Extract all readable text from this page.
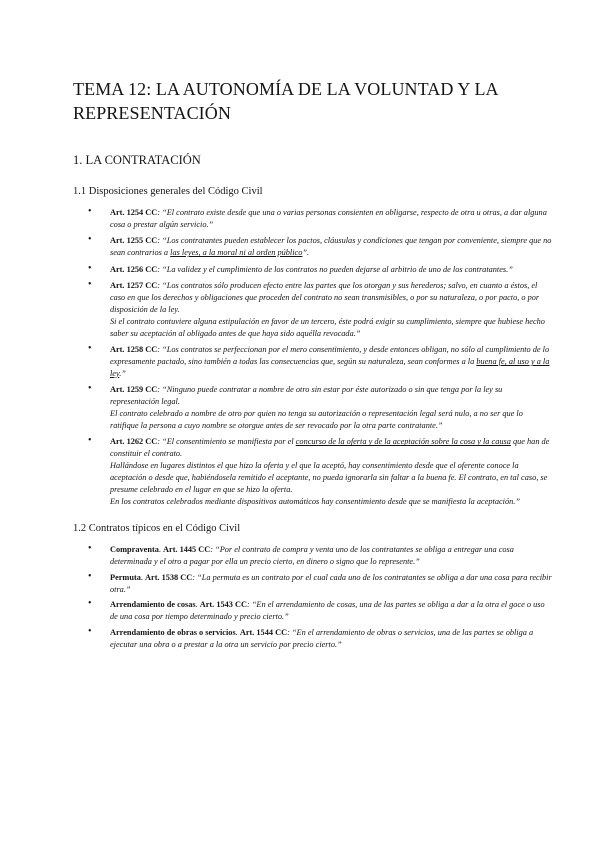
TEMA 12: LA AUTONOMÍA DE LA VOLUNTAD Y LA REPRESENTACIÓN
1. LA CONTRATACIÓN
1.1 Disposiciones generales del Código Civil
• Art. 1254 CC: “El contrato existe desde que una o varias personas consienten en obligarse, respecto de otra u otras, a dar alguna cosa o prestar algún servicio.”
• Art. 1255 CC: “Los contratantes pueden establecer los pactos, cláusulas y condiciones que tengan por conveniente, siempre que no sean contrarios a las leyes, a la moral ni al orden público”.
• Art. 1256 CC: “La validez y el cumplimiento de los contratos no pueden dejarse al arbitrio de uno de los contratantes.”
• Art. 1257 CC: “Los contratos sólo producen efecto entre las partes que los otorgan y sus herederos; salvo, en cuanto a éstos, el caso en que los derechos y obligaciones que proceden del contrato no sean transmisibles, o por su naturaleza, o por pacto, o por disposición de la ley.
Si el contrato contuviere alguna estipulación en favor de un tercero, éste podrá exigir su cumplimiento, siempre que hubiese hecho saber su aceptación al obligado antes de que haya sido aquélla revocada.”
• Art. 1258 CC: “Los contratos se perfeccionan por el mero consentimiento, y desde entonces obligan, no sólo al cumplimiento de lo expresamente pactado, sino también a todas las consecuencias que, según su naturaleza, sean conformes a la buena fe, al uso y a la ley.”
• Art. 1259 CC: “Ninguno puede contratar a nombre de otro sin estar por éste autorizado o sin que tenga por la ley su representación legal.
El contrato celebrado a nombre de otro por quien no tenga su autorización o representación legal será nulo, a no ser que lo ratifique la persona a cuyo nombre se otorgue antes de ser revocado por la otra parte contratante.”
• Art. 1262 CC: “El consentimiento se manifiesta por el concurso de la oferta y de la aceptación sobre la cosa y la causa que han de constituir el contrato.
Hallándose en lugares distintos el que hizo la oferta y el que la aceptó, hay consentimiento desde que el oferente conoce la aceptación o desde que, habiéndosela remitido el aceptante, no pueda ignorarla sin faltar a la buena fe. El contrato, en tal caso, se presume celebrado en el lugar en que se hizo la oferta.
En los contratos celebrados mediante dispositivos automáticos hay consentimiento desde que se manifiesta la aceptación.”
1.2 Contratos típicos en el Código Civil
• Compraventa. Art. 1445 CC: “Por el contrato de compra y venta uno de los contratantes se obliga a entregar una cosa determinada y el otro a pagar por ella un precio cierto, en dinero o signo que lo represente.”
• Permuta. Art. 1538 CC: “La permuta es un contrato por el cual cada uno de los contratantes se obliga a dar una cosa para recibir otra.”
• Arrendamiento de cosas. Art. 1543 CC: “En el arrendamiento de cosas, una de las partes se obliga a dar a la otra el goce o uso de una cosa por tiempo determinado y precio cierto.”
• Arrendamiento de obras o servicios. Art. 1544 CC: “En el arrendamiento de obras o servicios, una de las partes se obliga a ejecutar una obra o a prestar a la otra un servicio por precio cierto.”
